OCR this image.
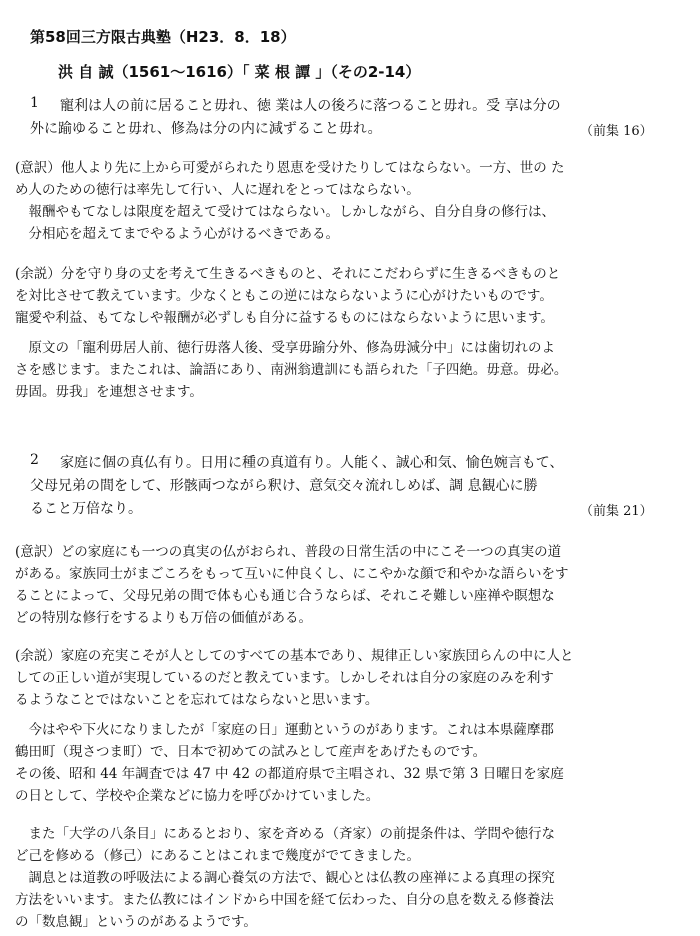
第58回三方限古典塾（H23．8．18）
洪 自 誠（1561～1616）「 菜 根 譚 」（その2-14）
1 寵利は人の前に居ること毋れ、徳 業は人の後ろに落つること毋れ。受 享は分の
外に踰ゆること毋れ、修為は分の内に減ずること毋れ。	（前集 16）
(意訳）他人より先に上から可愛がられたり恩恵を受けたりしてはならない。一方、世の た
め人のための徳行は率先して行い、人に遅れをとってはならない。
　報酬やもてなしは限度を超えて受けてはならない。しかしながら、自分自身の修行は、
　分相応を超えてまでやるよう心がけるべきである。
(余説）分を守り身の丈を考えて生きるべきものと、それにこだわらずに生きるべきものと
を対比させて教えています。少なくともこの逆にはならないように心がけたいものです。
寵愛や利益、もてなしや報酬が必ずしも自分に益するものにはならないように思います。
　原文の「寵利毋居人前、徳行毋落人後、受享毋踰分外、修為毋減分中」には歯切れのよ
さを感じます。またこれは、論語にあり、南洲翁遺訓にも語られた「子四絶。毋意。毋必。
毋固。毋我」を連想させます。
2 家庭に個の真仏有り。日用に種の真道有り。人能く、誠心和気、愉色婉言もて、
父母兄弟の間をして、形骸両つながら釈け、意気交々流れしめば、調 息観心に勝
ること万倍なり。	（前集 21）
(意訳）どの家庭にも一つの真実の仏がおられ、普段の日常生活の中にこそ一つの真実の道
がある。家族同士がまごころをもって互いに仲良くし、にこやかな顔で和やかな語らいをす
ることによって、父母兄弟の間で体も心も通じ合うならば、それこそ難しい座禅や瞑想な
どの特別な修行をするよりも万倍の価値がある。
(余説）家庭の充実こそが人としてのすべての基本であり、規律正しい家族団らんの中に人と
しての正しい道が実現しているのだと教えています。しかしそれは自分の家庭のみを利す
るようなことではないことを忘れてはならないと思います。
　今はやや下火になりましたが「家庭の日」運動というのがあります。これは本県薩摩郡
鶴田町（現さつま町）で、日本で初めての試みとして産声をあげたものです。
その後、昭和 44 年調査では 47 中 42 の都道府県で主唱され、32 県で第 3 日曜日を家庭
の日として、学校や企業などに協力を呼びかけていました。
　また「大学の八条目」にあるとおり、家を斉める（斉家）の前提条件は、学問や徳行な
ど己を修める（修己）にあることはこれまで幾度がでてきました。
　調息とは道教の呼吸法による調心養気の方法で、観心とは仏教の座禅による真理の探究
方法をいいます。また仏教にはインドから中国を経て伝わった、自分の息を数える修養法
の「数息観」というのがあるようです。
